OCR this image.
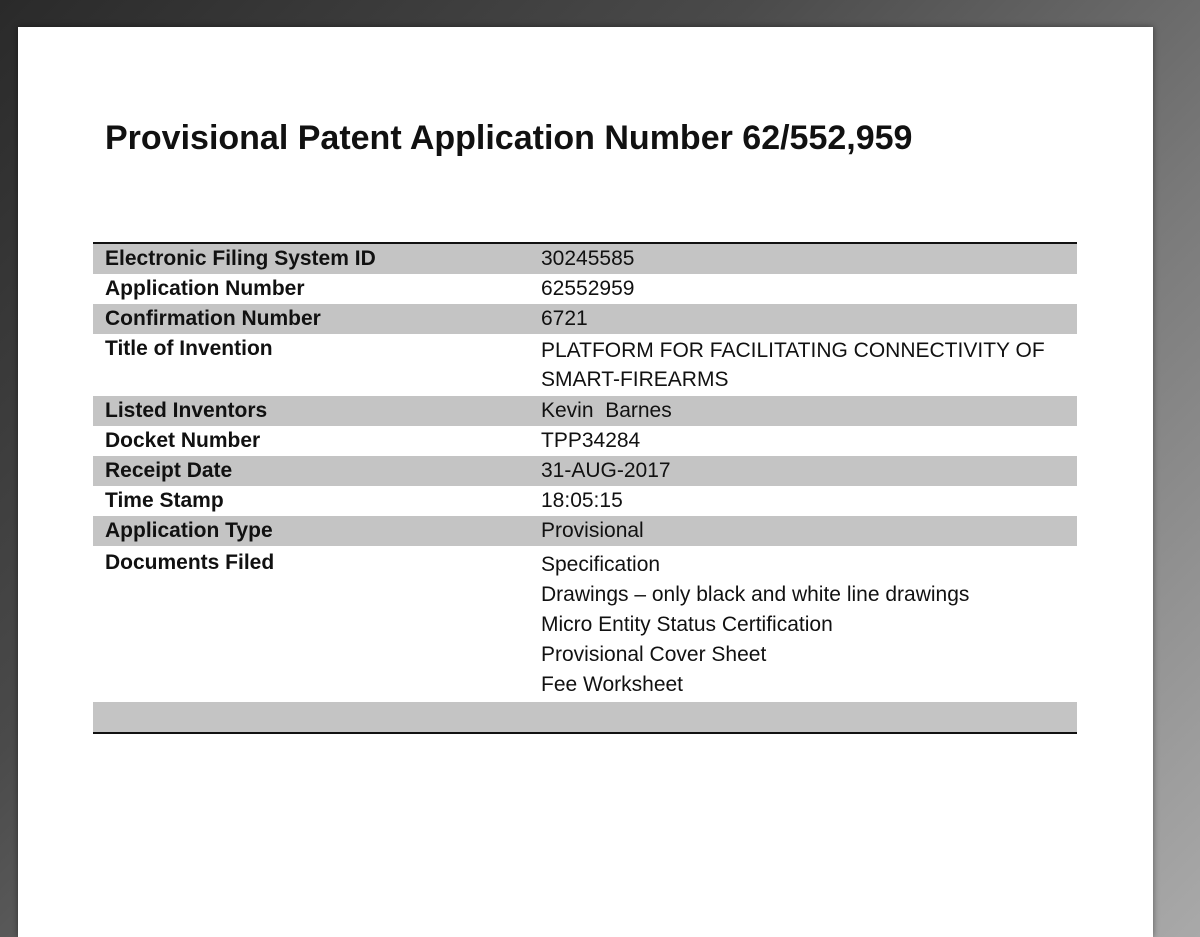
Provisional Patent Application Number 62/552,959
Electronic Filing System ID	30245585
Application Number	62552959
Confirmation Number	6721
Title of Invention	PLATFORM FOR FACILITATING CONNECTIVITY OF
SMART-FIREARMS

Listed Inventors	Kevin  Barnes
Docket Number	TPP34284
Receipt Date	31-AUG-2017
Time Stamp	18:05:15
Application Type	Provisional
Documents Filed	Specification
Drawings – only black and white line drawings
Micro Entity Status Certification
Provisional Cover Sheet
Fee Worksheet
